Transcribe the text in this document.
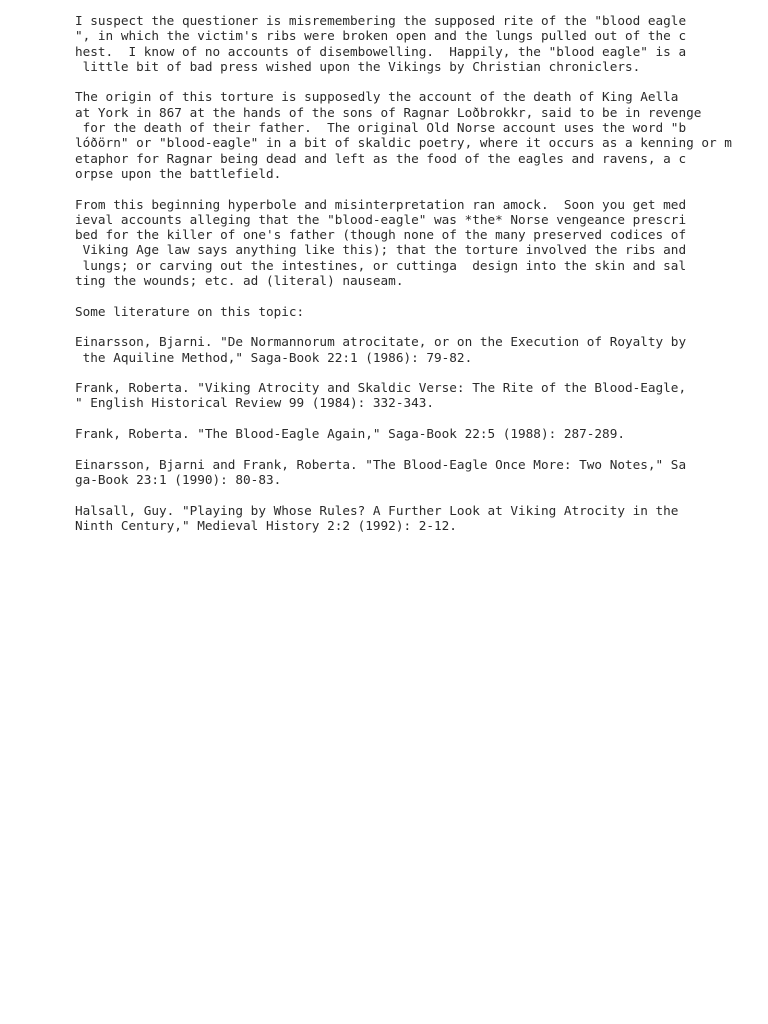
I suspect the questioner is misremembering the supposed rite of the "blood eagle
", in which the victim's ribs were broken open and the lungs pulled out of the c
hest.  I know of no accounts of disembowelling.  Happily, the "blood eagle" is a
little bit of bad press wished upon the Vikings by Christian chroniclers.
The origin of this torture is supposedly the account of the death of King Aella
at York in 867 at the hands of the sons of Ragnar Loðbrokkr, said to be in revenge
for the death of their father.  The original Old Norse account uses the word "b
lóðörn" or "blood-eagle" in a bit of skaldic poetry, where it occurs as a kenning or m
etaphor for Ragnar being dead and left as the food of the eagles and ravens, a c
orpse upon the battlefield.
From this beginning hyperbole and misinterpretation ran amock.  Soon you get med
ieval accounts alleging that the "blood-eagle" was *the* Norse vengeance prescri
bed for the killer of one's father (though none of the many preserved codices of
Viking Age law says anything like this); that the torture involved the ribs and
lungs; or carving out the intestines, or cuttinga  design into the skin and sal
ting the wounds; etc. ad (literal) nauseam.
Some literature on this topic:
Einarsson, Bjarni. "De Normannorum atrocitate, or on the Execution of Royalty by
the Aquiline Method," Saga-Book 22:1 (1986): 79-82.
Frank, Roberta. "Viking Atrocity and Skaldic Verse: The Rite of the Blood-Eagle,
" English Historical Review 99 (1984): 332-343.
Frank, Roberta. "The Blood-Eagle Again," Saga-Book 22:5 (1988): 287-289.
Einarsson, Bjarni and Frank, Roberta. "The Blood-Eagle Once More: Two Notes," Sa
ga-Book 23:1 (1990): 80-83.
Halsall, Guy. "Playing by Whose Rules? A Further Look at Viking Atrocity in the
Ninth Century," Medieval History 2:2 (1992): 2-12.
